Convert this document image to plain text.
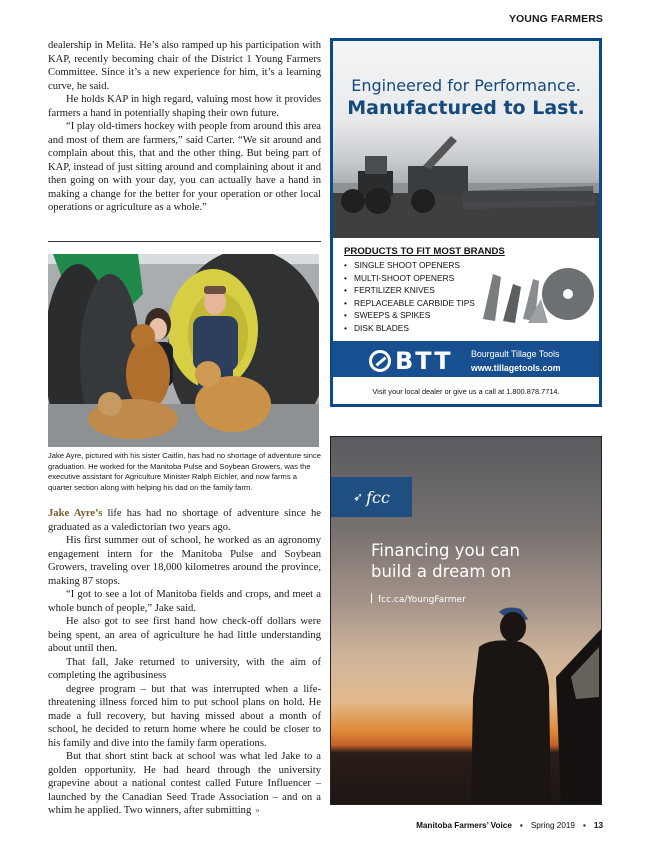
YOUNG FARMERS

dealership in Melita. He’s also ramped up his participation with KAP, recently becoming chair of the District 1 Young Farmers Committee. Since it’s a new experience for him, it’s a learning curve, he said.

He holds KAP in high regard, valuing most how it provides farmers a hand in potentially shaping their own future.

“I play old-timers hockey with people from around this area and most of them are farmers,” said Carter. “We sit around and complain about this, that and the other thing. But being part of KAP, instead of just sitting around and complaining about it and then going on with your day, you can actually have a hand in making a change for the better for your operation or other local operations or agriculture as a whole.”

Jake Ayre, pictured with his sister Caitlin, has had no shortage of adventure since graduation. He worked for the Manitoba Pulse and Soybean Growers, was the executive assistant for Agriculture Minister Ralph Eichler, and now farms a quarter section along with helping his dad on the family farm.

Jake Ayre’s life has had no shortage of adventure since he graduated as a valedictorian two years ago.

His first summer out of school, he worked as an agronomy engagement intern for the Manitoba Pulse and Soybean Growers, traveling over 18,000 kilometres around the province, making 87 stops.

“I got to see a lot of Manitoba fields and crops, and meet a whole bunch of people,” Jake said.

He also got to see first hand how check-off dollars were being spent, an area of agriculture he had little understanding about until then.

That fall, Jake returned to university, with the aim of completing the agribusiness

degree program – but that was interrupted when a life-threatening illness forced him to put school plans on hold. He made a full recovery, but having missed about a month of school, he decided to return home where he could be closer to his family and dive into the family farm operations.

But that short stint back at school was what led Jake to a golden opportunity. He had heard through the university grapevine about a national contest called Future Influencer – launched by the Canadian Seed Trade Association – and on a whim he applied. Two winners, after submitting »

Engineered for Performance.
Manufactured to Last.
PRODUCTS TO FIT MOST BRANDS
• SINGLE SHOOT OPENERS
• MULTI-SHOOT OPENERS
• FERTILIZER KNIVES
• REPLACEABLE CARBIDE TIPS
• SWEEPS & SPIKES
• DISK BLADES
BTT Bourgault Tillage Tools
www.tillagetools.com
Visit your local dealer or give us a call at 1.800.878.7714.
➶ fcc
Financing you can
build a dream on
fcc.ca/YoungFarmer
Manitoba Farmers’ Voice ▪ Spring 2019 ▪ 13
